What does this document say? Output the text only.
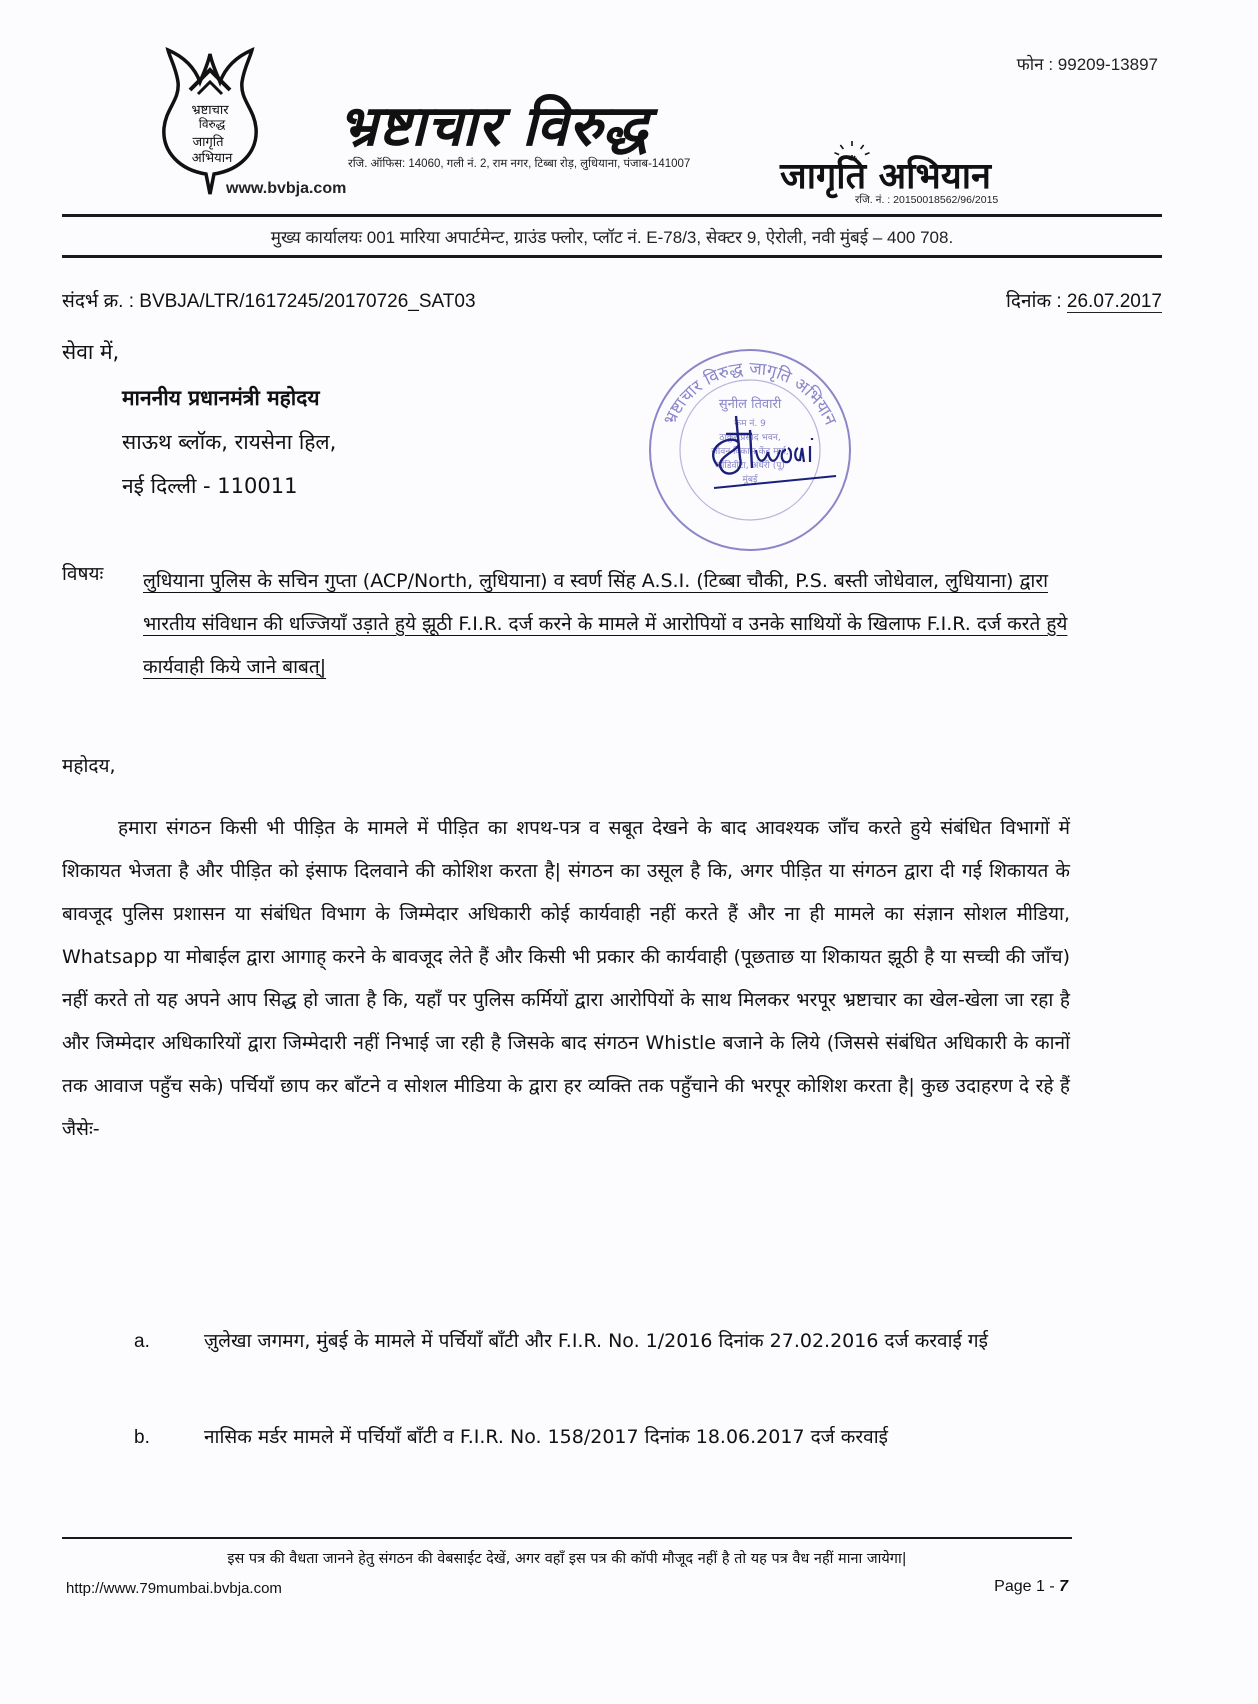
भ्रष्टाचार
विरुद्ध
जागृति
अभियान
फोन : 99209-13897
भ्रष्टाचार विरुद्ध
रजि. ऑफिस: 14060, गली नं. 2, राम नगर, टिब्बा रोड़, लुधियाना, पंजाब-141007
www.bvbja.com	जागृति अभियान
रजि. नं. : 20150018562/96/2015
मुख्य कार्यालयः 001 मारिया अपार्टमेन्ट, ग्राउंड फ्लोर, प्लॉट नं. E-78/3, सेक्टर 9, ऐरोली, नवी मुंबई – 400 708.
संदर्भ क्र. : BVBJA/LTR/1617245/20170726_SAT03	दिनांक : 26.07.2017
सेवा में,
माननीय प्रधानमंत्री महोदय
साऊथ ब्लॉक, रायसेना हिल,
नई दिल्ली - 110011
भ्रष्टाचार विरुद्ध जागृति अभियान
सुनील तिवारी
रूम नं. 9
ठाकुर प्रसाद भवन,
जीवन विकास केंद्र मार्ग,
कोंडिवीटा, अंधेरी (पू)
मुंबई
विषयः लुधियाना पुलिस के सचिन गुप्ता (ACP/North, लुधियाना) व स्वर्ण सिंह A.S.I. (टिब्बा चौकी, P.S. बस्ती जोधेवाल, लुधियाना) द्वारा भारतीय संविधान की धज्जियाँ उड़ाते हुये झूठी F.I.R. दर्ज करने के मामले में आरोपियों व उनके साथियों के खिलाफ F.I.R. दर्ज करते हुये कार्यवाही किये जाने बाबत्|
महोदय,
हमारा संगठन किसी भी पीड़ित के मामले में पीड़ित का शपथ-पत्र व सबूत देखने के बाद आवश्यक जाँच करते हुये संबंधित विभागों में शिकायत भेजता है और पीड़ित को इंसाफ दिलवाने की कोशिश करता है| संगठन का उसूल है कि, अगर पीड़ित या संगठन द्वारा दी गई शिकायत के बावजूद पुलिस प्रशासन या संबंधित विभाग के जिम्मेदार अधिकारी कोई कार्यवाही नहीं करते हैं और ना ही मामले का संज्ञान सोशल मीडिया, Whatsapp या मोबाईल द्वारा आगाह् करने के बावजूद लेते हैं और किसी भी प्रकार की कार्यवाही (पूछताछ या शिकायत झूठी है या सच्ची की जाँच) नहीं करते तो यह अपने आप सिद्ध हो जाता है कि, यहाँ पर पुलिस कर्मियों द्वारा आरोपियों के साथ मिलकर भरपूर भ्रष्टाचार का खेल-खेला जा रहा है और जिम्मेदार अधिकारियों द्वारा जिम्मेदारी नहीं निभाई जा रही है जिसके बाद संगठन Whistle बजाने के लिये (जिससे संबंधित अधिकारी के कानों तक आवाज पहुँच सके) पर्चियाँ छाप कर बाँटने व सोशल मीडिया के द्वारा हर व्यक्ति तक पहुँचाने की भरपूर कोशिश करता है| कुछ उदाहरण दे रहे हैं जैसेः-
a.	ज़ुलेखा जगमग, मुंबई के मामले में पर्चियाँ बाँटी और F.I.R. No. 1/2016 दिनांक 27.02.2016 दर्ज करवाई गई
b.	नासिक मर्डर मामले में पर्चियाँ बाँटी व F.I.R. No. 158/2017 दिनांक 18.06.2017 दर्ज करवाई
इस पत्र की वैधता जानने हेतु संगठन की वेबसाईट देखें, अगर वहाँ इस पत्र की कॉपी मौजूद नहीं है तो यह पत्र वैध नहीं माना जायेगा|
http://www.79mumbai.bvbja.com	Page 1 - 7
